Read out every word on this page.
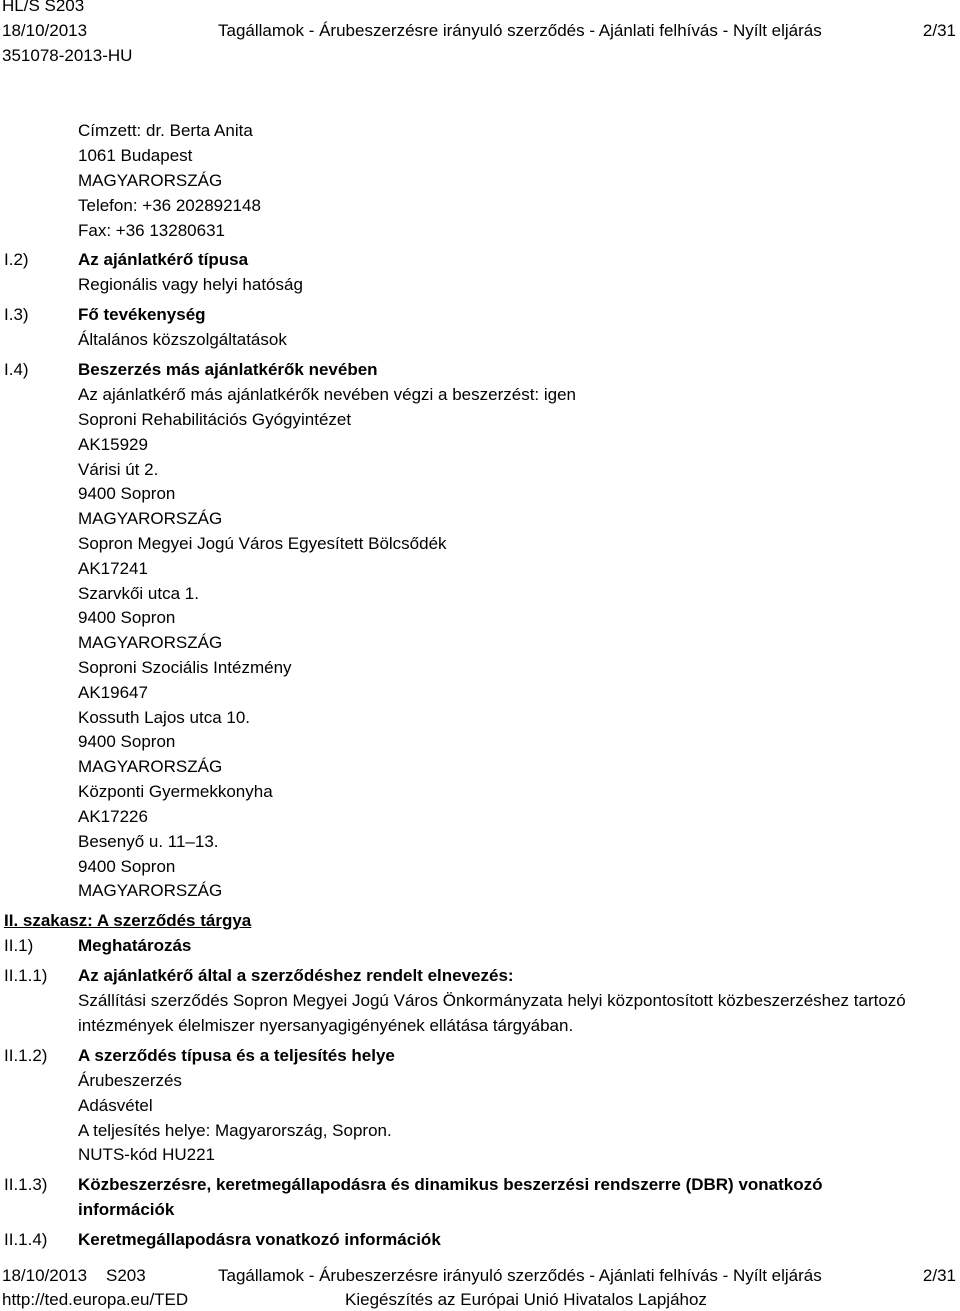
HL/S S203
18/10/2013	Tagállamok - Árubeszerzésre irányuló szerződés - Ajánlati felhívás - Nyílt eljárás	2/31
351078-2013-HU
Címzett: dr. Berta Anita
1061 Budapest
MAGYARORSZÁG
Telefon: +36 202892148
Fax: +36 13280631
I.2)	Az ajánlatkérő típusa
Regionális vagy helyi hatóság
I.3)	Fő tevékenység
Általános közszolgáltatások
I.4)	Beszerzés más ajánlatkérők nevében
Az ajánlatkérő más ajánlatkérők nevében végzi a beszerzést: igen
Soproni Rehabilitációs Gyógyintézet
AK15929
Várisi út 2.
9400 Sopron
MAGYARORSZÁG
Sopron Megyei Jogú Város Egyesített Bölcsődék
AK17241
Szarvkői utca 1.
9400 Sopron
MAGYARORSZÁG
Soproni Szociális Intézmény
AK19647
Kossuth Lajos utca 10.
9400 Sopron
MAGYARORSZÁG
Központi Gyermekkonyha
AK17226
Besenyő u. 11–13.
9400 Sopron
MAGYARORSZÁG
II. szakasz: A szerződés tárgya
II.1)	Meghatározás
II.1.1) Az ajánlatkérő által a szerződéshez rendelt elnevezés:
Szállítási szerződés Sopron Megyei Jogú Város Önkormányzata helyi központosított közbeszerzéshez tartozó
intézmények élelmiszer nyersanyagigényének ellátása tárgyában.
II.1.2) A szerződés típusa és a teljesítés helye
Árubeszerzés
Adásvétel
A teljesítés helye: Magyarország, Sopron.
NUTS-kód HU221
II.1.3) Közbeszerzésre, keretmegállapodásra és dinamikus beszerzési rendszerre (DBR) vonatkozó
információk
II.1.4) Keretmegállapodásra vonatkozó információk
18/10/2013    S203	Tagállamok - Árubeszerzésre irányuló szerződés - Ajánlati felhívás - Nyílt eljárás	2/31
http://ted.europa.eu/TED	Kiegészítés az Európai Unió Hivatalos Lapjához
